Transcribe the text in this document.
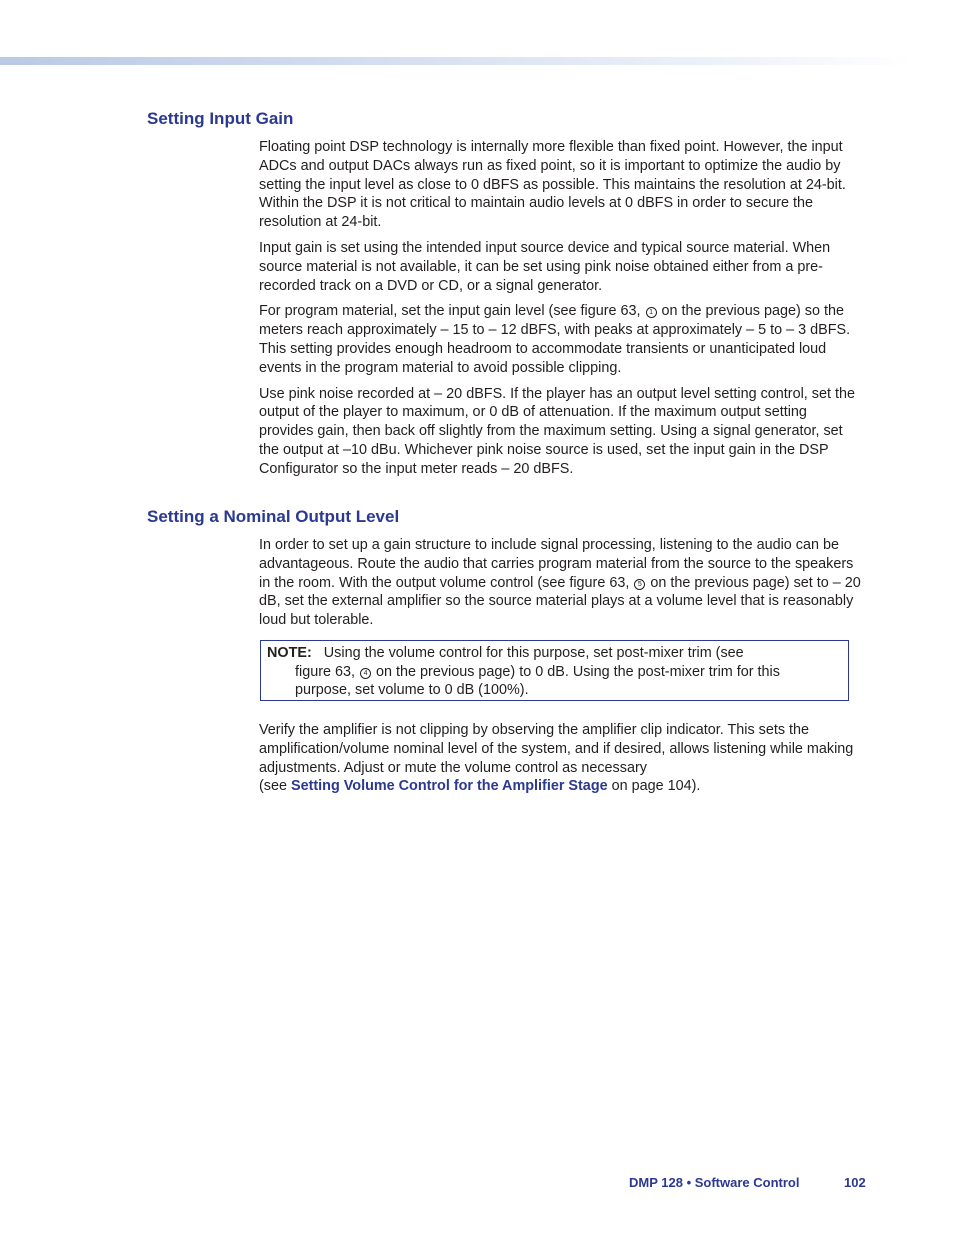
Setting Input Gain

Floating point DSP technology is internally more flexible than fixed point. However, the input ADCs and output DACs always run as fixed point, so it is important to optimize the audio by setting the input level as close to 0 dBFS as possible. This maintains the resolution at 24-bit. Within the DSP it is not critical to maintain audio levels at 0 dBFS in order to secure the resolution at 24-bit.

Input gain is set using the intended input source device and typical source material. When source material is not available, it can be set using pink noise obtained either from a pre-recorded track on a DVD or CD, or a signal generator.

For program material, set the input gain level (see figure 63, 1 on the previous page) so the meters reach approximately – 15 to – 12 dBFS, with peaks at approximately – 5 to – 3 dBFS. This setting provides enough headroom to accommodate transients or unanticipated loud events in the program material to avoid possible clipping.

Use pink noise recorded at – 20 dBFS. If the player has an output level setting control, set the output of the player to maximum, or 0 dB of attenuation. If the maximum output setting provides gain, then back off slightly from the maximum setting. Using a signal generator, set the output at –10 dBu. Whichever pink noise source is used, set the input gain in the DSP Configurator so the input meter reads – 20 dBFS.

Setting a Nominal Output Level

In order to set up a gain structure to include signal processing, listening to the audio can be advantageous. Route the audio that carries program material from the source to the speakers in the room. With the output volume control (see figure 63, 5 on the previous page) set to – 20 dB, set the external amplifier so the source material plays at a volume level that is reasonably loud but tolerable.

NOTE: Using the volume control for this purpose, set post-mixer trim (see

figure 63, 4 on the previous page) to 0 dB. Using the post-mixer trim for this

purpose, set volume to 0 dB (100%).

Verify the amplifier is not clipping by observing the amplifier clip indicator. This sets the amplification/volume nominal level of the system, and if desired, allows listening while making adjustments. Adjust or mute the volume control as necessary
(see Setting Volume Control for the Amplifier Stage on page 104).

DMP 128 • Software Control	102
